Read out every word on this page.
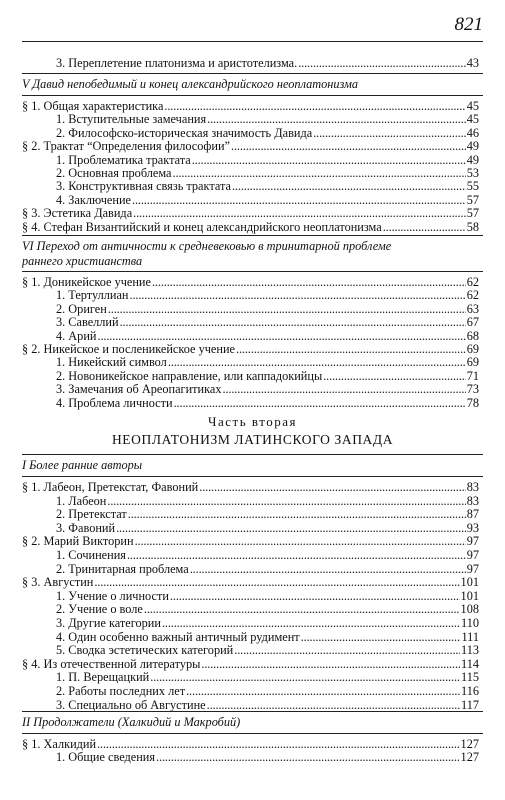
821
3. Переплетение платонизма и аристотелизма. . . .	43
V Давид непобедимый и конец александрийского неоплатонизма
§ 1. Общая характеристика . . .	45
1. Вступительные замечания . . .	45
2. Философско-историческая значимость Давида . . .	46
§ 2. Трактат “Определения философии” . . .	49
1. Проблематика трактата . . .	49
2. Основная проблема . . .	53
3. Конструктивная связь трактата . . .	55
4. Заключение . . .	57
§ 3. Эстетика Давида . . .	57
§ 4. Стефан Византийский и конец александрийского неоплатонизма . . .	58
VI Переход от античности к средневековью в тринитарной проблеме
раннего христианства
§ 1. Доникейское учение . . .	62
1. Тертуллиан . . .	62
2. Ориген . . .	63
3. Савеллий . . .	67
4. Арий . . .	68
§ 2. Никейское и посленикейское учение . . .	69
1. Никейский символ . . .	69
2. Новоникейское направление, или каппадокийцы . . .	71
3. Замечания об Ареопагитиках . . .	73
4. Проблема личности . . .	78
Часть вторая
НЕОПЛАТОНИЗМ ЛАТИНСКОГО ЗАПАДА
I Более ранние авторы
§ 1. Лабеон, Претекстат, Фавоний . . .	83
1. Лабеон . . .	83
2. Претекстат . . .	87
3. Фавоний . . .	93
§ 2. Марий Викторин . . .	97
1. Сочинения . . .	97
2. Тринитарная проблема . . .	97
§ 3. Августин . . .	101
1. Учение о личности . . .	101
2. Учение о воле . . .	108
3. Другие категории . . .	110
4. Один особенно важный античный рудимент . . .	111
5. Сводка эстетических категорий . . .	113
§ 4. Из отечественной литературы . . .	114
1. П. Верещацкий . . .	115
2. Работы последних лет . . .	116
3. Специально об Августине . . .	117
II Продолжатели (Халкидий и Макробий)
§ 1. Халкидий . . .	127
1. Общие сведения . . .	127
